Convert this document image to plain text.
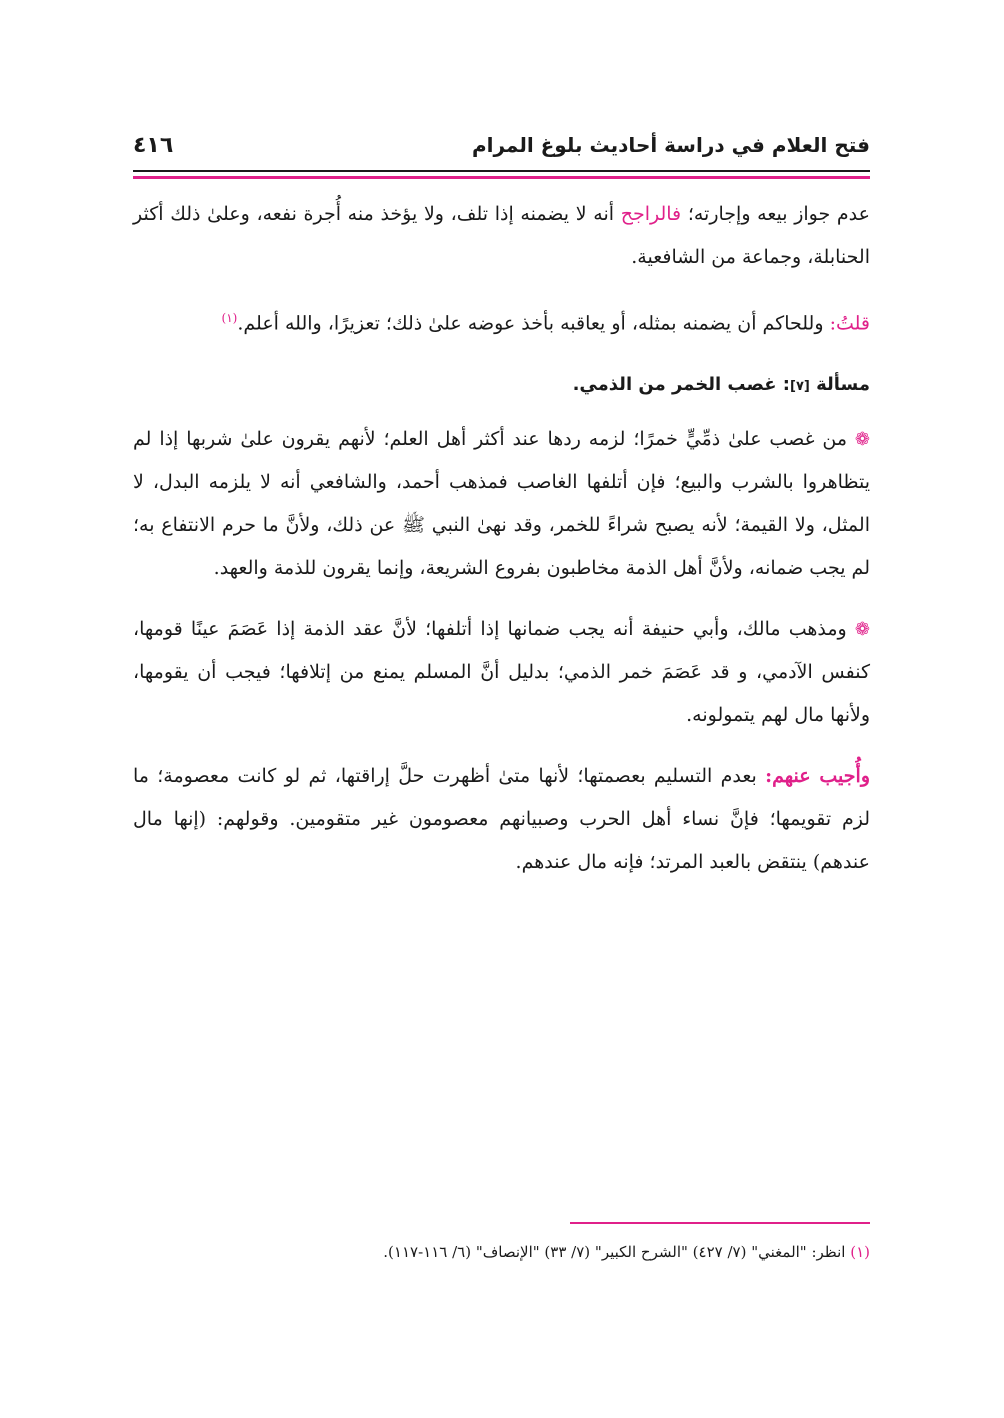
فتح العلام في دراسة أحاديث بلوغ المرام
٤١٦

عدم جواز بيعه وإجارته؛ فالراجح أنه لا يضمنه إذا تلف، ولا يؤخذ منه أُجرة نفعه، وعلىٰ ذلك أكثر الحنابلة، وجماعة من الشافعية.

قلتُ: وللحاكم أن يضمنه بمثله، أو يعاقبه بأخذ عوضه علىٰ ذلك؛ تعزيرًا، والله أعلم.$^{(١)}$

مسألة [٧]: غصب الخمر من الذمي.

❁ من غصب علىٰ ذمِّيٍّ خمرًا؛ لزمه ردها عند أكثر أهل العلم؛ لأنهم يقرون علىٰ شربها إذا لم يتظاهروا بالشرب والبيع؛ فإن أتلفها الغاصب فمذهب أحمد، والشافعي أنه لا يلزمه البدل، لا المثل، ولا القيمة؛ لأنه يصبح شراءً للخمر، وقد نهىٰ النبي ﷺ عن ذلك، ولأنَّ ما حرم الانتفاع به؛ لم يجب ضمانه، ولأنَّ أهل الذمة مخاطبون بفروع الشريعة، وإنما يقرون للذمة والعهد.

❁ ومذهب مالك، وأبي حنيفة أنه يجب ضمانها إذا أتلفها؛ لأنَّ عقد الذمة إذا عَصَمَ عينًا قومها، كنفس الآدمي، و قد عَصَمَ خمر الذمي؛ بدليل أنَّ المسلم يمنع من إتلافها؛ فيجب أن يقومها، ولأنها مال لهم يتمولونه.

وأُجيب عنهم: بعدم التسليم بعصمتها؛ لأنها متىٰ أظهرت حلَّ إراقتها، ثم لو كانت معصومة؛ ما لزم تقويمها؛ فإنَّ نساء أهل الحرب وصبيانهم معصومون غير متقومين. وقولهم: (إنها مال عندهم) ينتقض بالعبد المرتد؛ فإنه مال عندهم.

(١) انظر: "المغني" (٧/ ٤٢٧) "الشرح الكبير" (٧/ ٣٣) "الإنصاف" (٦/ ١١٦-١١٧).
